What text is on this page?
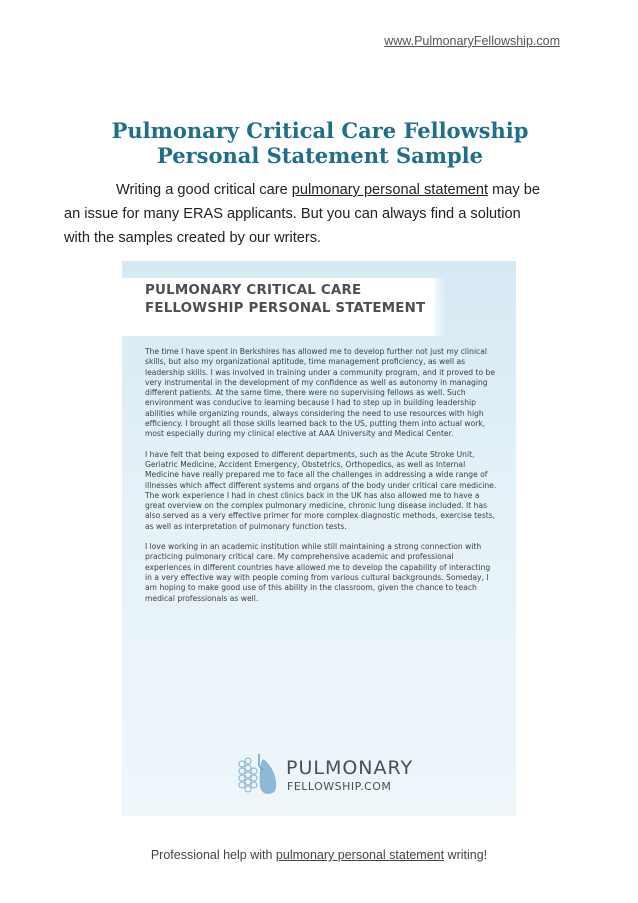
www.PulmonaryFellowship.com
Pulmonary Critical Care Fellowship
Personal Statement Sample

Writing a good critical care pulmonary personal statement may be an issue for many ERAS applicants. But you can always find a solution with the samples created by our writers.

PULMONARY CRITICAL CARE
FELLOWSHIP PERSONAL STATEMENT

The time I have spent in Berkshires has allowed me to develop further not just my clinical skills, but also my organizational aptitude, time management proficiency, as well as leadership skills. I was involved in training under a community program, and it proved to be very instrumental in the development of my confidence as well as autonomy in managing different patients. At the same time, there were no supervising fellows as well. Such environment was conducive to learning because I had to step up in building leadership abilities while organizing rounds, always considering the need to use resources with high efficiency. I brought all those skills learned back to the US, putting them into actual work, most especially during my clinical elective at AAA University and Medical Center.

I have felt that being exposed to different departments, such as the Acute Stroke Unit, Geriatric Medicine, Accident Emergency, Obstetrics, Orthopedics, as well as Internal Medicine have really prepared me to face all the challenges in addressing a wide range of illnesses which affect different systems and organs of the body under critical care medicine. The work experience I had in chest clinics back in the UK has also allowed me to have a great overview on the complex pulmonary medicine, chronic lung disease included. It has also served as a very effective primer for more complex diagnostic methods, exercise tests, as well as interpretation of pulmonary function tests.

I love working in an academic institution while still maintaining a strong connection with practicing pulmonary critical care. My comprehensive academic and professional experiences in different countries have allowed me to develop the capability of interacting in a very effective way with people coming from various cultural backgrounds. Someday, I am hoping to make good use of this ability in the classroom, given the chance to teach medical professionals as well.

PULMONARY
FELLOWSHIP.COM
Professional help with pulmonary personal statement writing!
